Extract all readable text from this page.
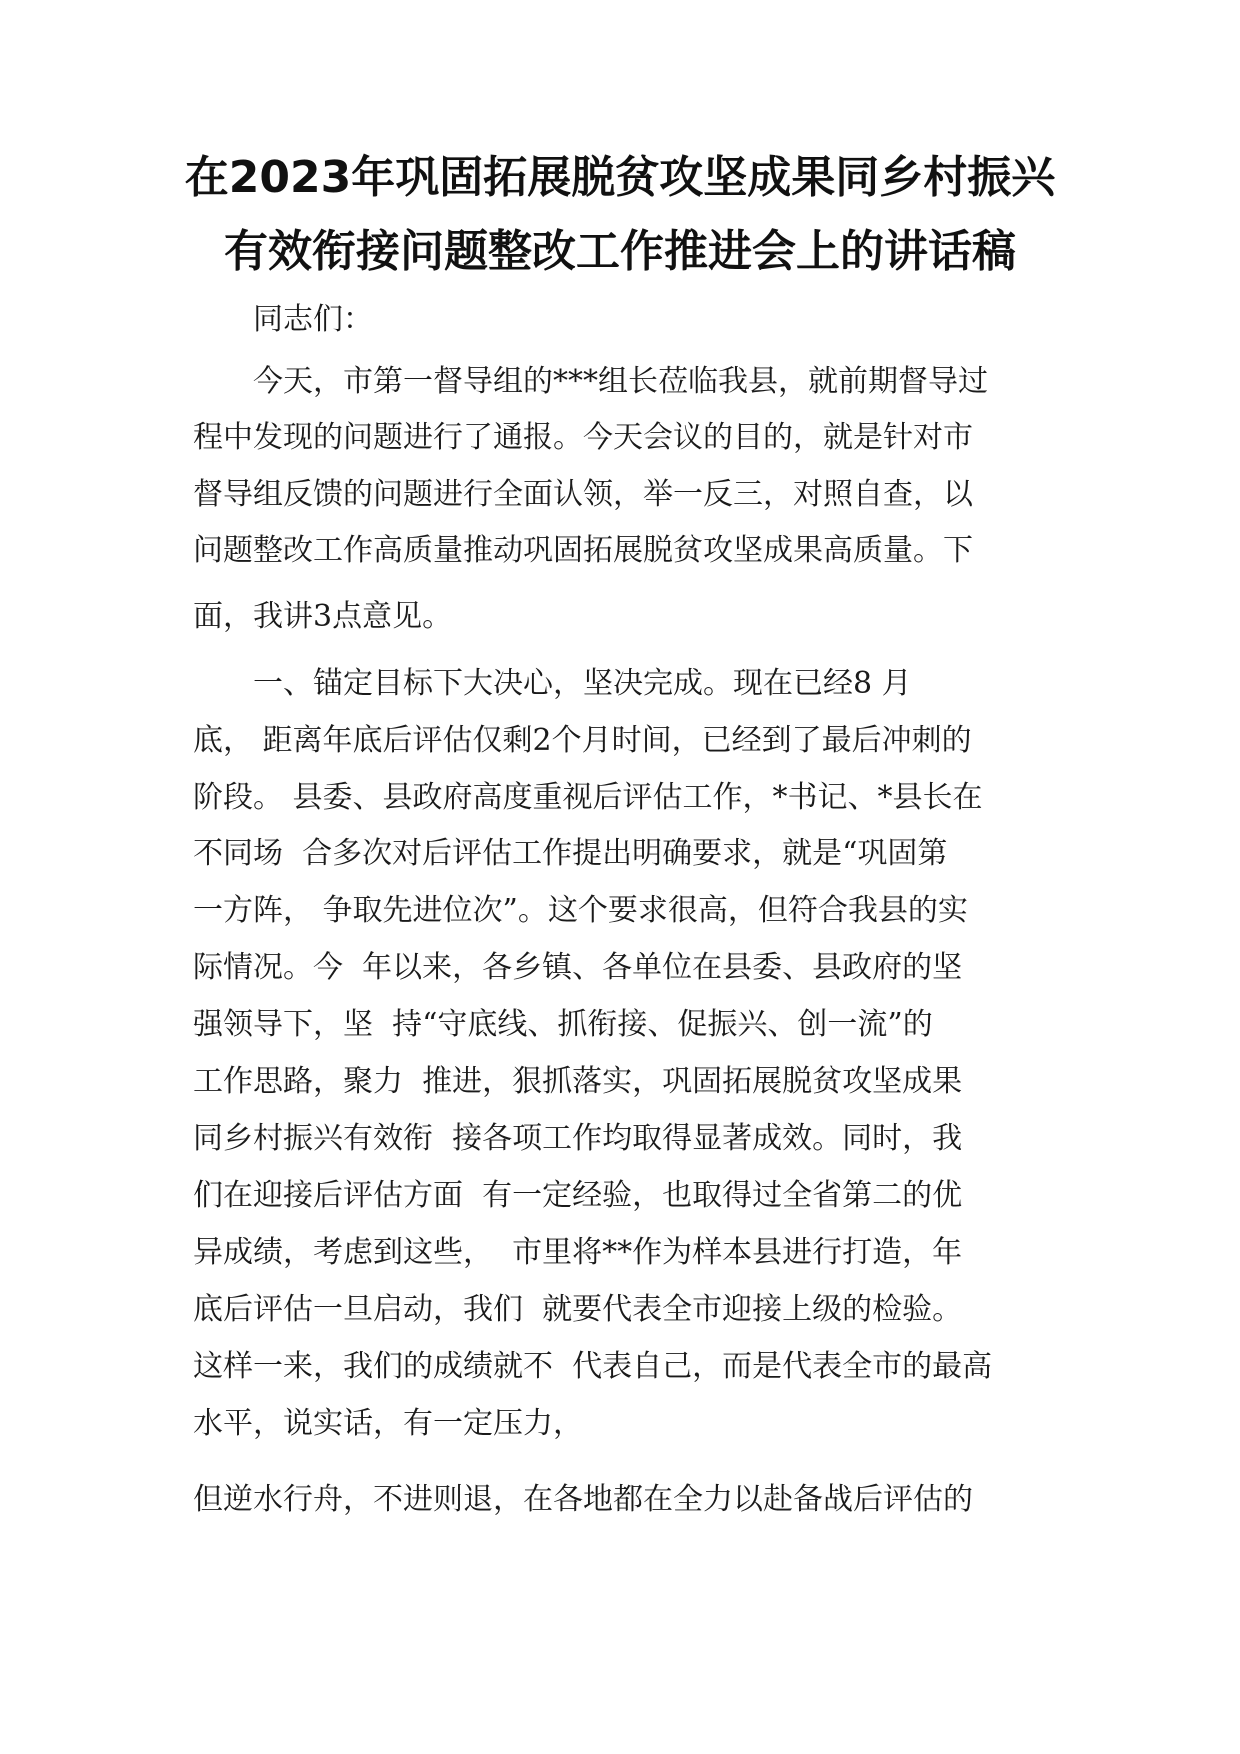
在2023年巩固拓展脱贫攻坚成果同乡村振兴
有效衔接问题整改工作推进会上的讲话稿
同志们：
今天，市第一督导组的***组长莅临我县，就前期督导过
程中发现的问题进行了通报。今天会议的目的，就是针对市
督导组反馈的问题进行全面认领，举一反三，对照自查，以
问题整改工作高质量推动巩固拓展脱贫攻坚成果高质量。下
面，我讲3点意见。
一、锚定目标下大决心，坚决完成。现在已经8 月
底， 距离年底后评估仅剩2个月时间，已经到了最后冲刺的
阶段。 县委、县政府高度重视后评估工作，*书记、*县长在
不同场  合多次对后评估工作提出明确要求，就是“巩固第
一方阵， 争取先进位次”。这个要求很高，但符合我县的实
际情况。今  年以来，各乡镇、各单位在县委、县政府的坚
强领导下，坚  持“守底线、抓衔接、促振兴、创一流”的
工作思路，聚力  推进，狠抓落实，巩固拓展脱贫攻坚成果
同乡村振兴有效衔  接各项工作均取得显著成效。同时，我
们在迎接后评估方面  有一定经验，也取得过全省第二的优
异成绩，考虑到这些，  市里将**作为样本县进行打造，年
底后评估一旦启动，我们  就要代表全市迎接上级的检验。
这样一来，我们的成绩就不  代表自己，而是代表全市的最高
水平，说实话，有一定压力，
但逆水行舟，不进则退，在各地都在全力以赴备战后评估的
